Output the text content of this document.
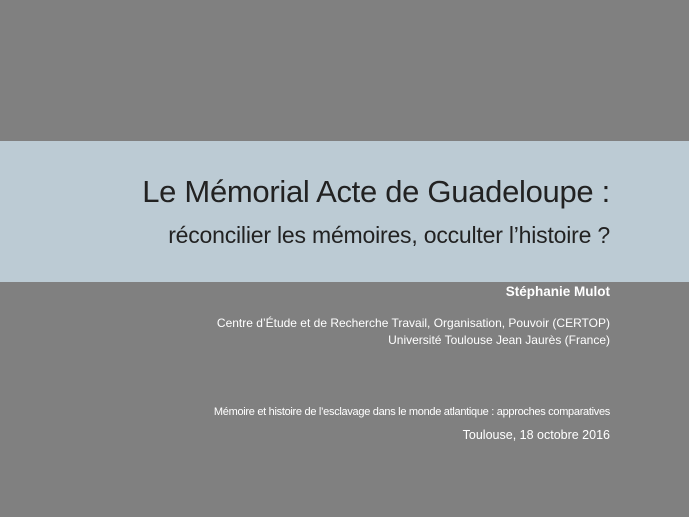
Le Mémorial Acte de Guadeloupe :
réconcilier les mémoires, occulter l’histoire ?
Stéphanie Mulot
Centre d’Étude et de Recherche Travail, Organisation, Pouvoir (CERTOP)
Université Toulouse Jean Jaurès (France)
Mémoire et histoire de l’esclavage dans le monde atlantique : approches comparatives
Toulouse, 18 octobre 2016
